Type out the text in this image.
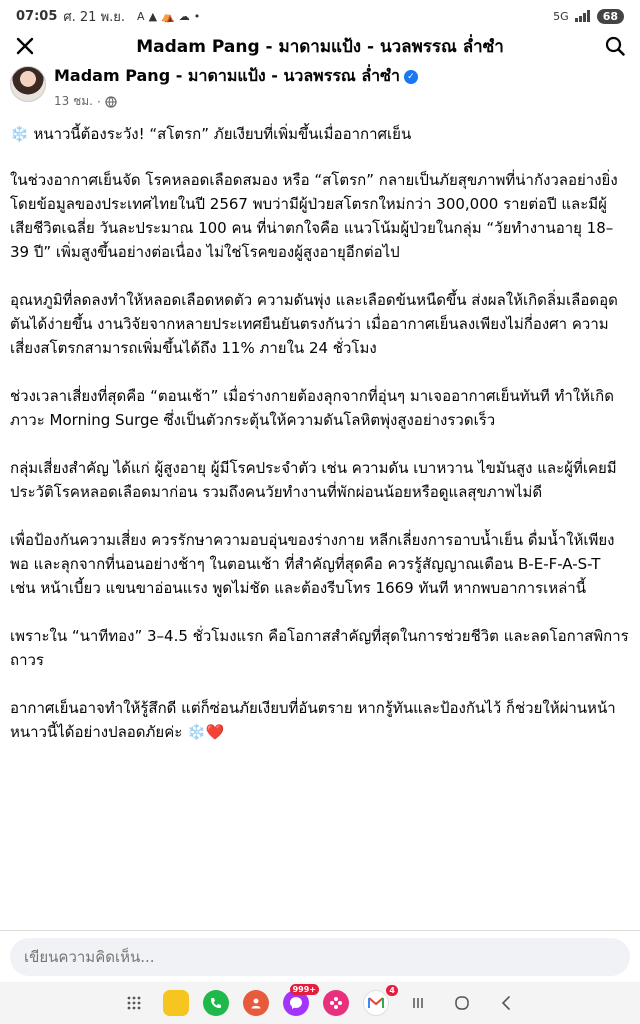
07:05 ศ. 21 พ.ย. A ▲ ⛺ ☁ •	5G	68
Madam Pang - มาดามแป้ง - นวลพรรณ ล่ำซำ
Madam Pang - มาดามแป้ง - นวลพรรณ ล่ำซำ ✓
13 ชม. ·

❄️ หนาวนี้ต้องระวัง! “สโตรก” ภัยเงียบที่เพิ่มขึ้นเมื่ออากาศเย็น

ในช่วงอากาศเย็นจัด โรคหลอดเลือดสมอง หรือ “สโตรก” กลายเป็นภัยสุขภาพที่น่ากังวลอย่างยิ่ง โดยข้อมูลของประเทศไทยในปี 2567 พบว่ามีผู้ป่วยสโตรกใหม่กว่า 300,000 รายต่อปี และมีผู้เสียชีวิตเฉลี่ย วันละประมาณ 100 คน ที่น่าตกใจคือ แนวโน้มผู้ป่วยในกลุ่ม “วัยทำงานอายุ 18–39 ปี” เพิ่มสูงขึ้นอย่างต่อเนื่อง ไม่ใช่โรคของผู้สูงอายุอีกต่อไป

อุณหภูมิที่ลดลงทำให้หลอดเลือดหดตัว ความดันพุ่ง และเลือดข้นหนืดขึ้น ส่งผลให้เกิดลิ่มเลือดอุดตันได้ง่ายขึ้น งานวิจัยจากหลายประเทศยืนยันตรงกันว่า เมื่ออากาศเย็นลงเพียงไม่กี่องศา ความเสี่ยงสโตรกสามารถเพิ่มขึ้นได้ถึง 11% ภายใน 24 ชั่วโมง

ช่วงเวลาเสี่ยงที่สุดคือ “ตอนเช้า” เมื่อร่างกายต้องลุกจากที่อุ่นๆ มาเจออากาศเย็นทันที ทำให้เกิดภาวะ Morning Surge ซึ่งเป็นตัวกระตุ้นให้ความดันโลหิตพุ่งสูงอย่างรวดเร็ว

กลุ่มเสี่ยงสำคัญ ได้แก่ ผู้สูงอายุ ผู้มีโรคประจำตัว เช่น ความดัน เบาหวาน ไขมันสูง และผู้ที่เคยมีประวัติโรคหลอดเลือดมาก่อน รวมถึงคนวัยทำงานที่พักผ่อนน้อยหรือดูแลสุขภาพไม่ดี

เพื่อป้องกันความเสี่ยง ควรรักษาความอบอุ่นของร่างกาย หลีกเลี่ยงการอาบน้ำเย็น ดื่มน้ำให้เพียงพอ และลุกจากที่นอนอย่างช้าๆ ในตอนเช้า ที่สำคัญที่สุดคือ ควรรู้สัญญาณเตือน B-E-F-A-S-T เช่น หน้าเบี้ยว แขนขาอ่อนแรง พูดไม่ชัด และต้องรีบโทร 1669 ทันที หากพบอาการเหล่านี้

เพราะใน “นาทีทอง” 3–4.5 ชั่วโมงแรก คือโอกาสสำคัญที่สุดในการช่วยชีวิต และลดโอกาสพิการถาวร

อากาศเย็นอาจทำให้รู้สึกดี แต่ก็ซ่อนภัยเงียบที่อันตราย หากรู้ทันและป้องกันไว้ ก็ช่วยให้ผ่านหน้าหนาวนี้ได้อย่างปลอดภัยค่ะ ❄️❤️

เขียนความคิดเห็น...
999+	4
